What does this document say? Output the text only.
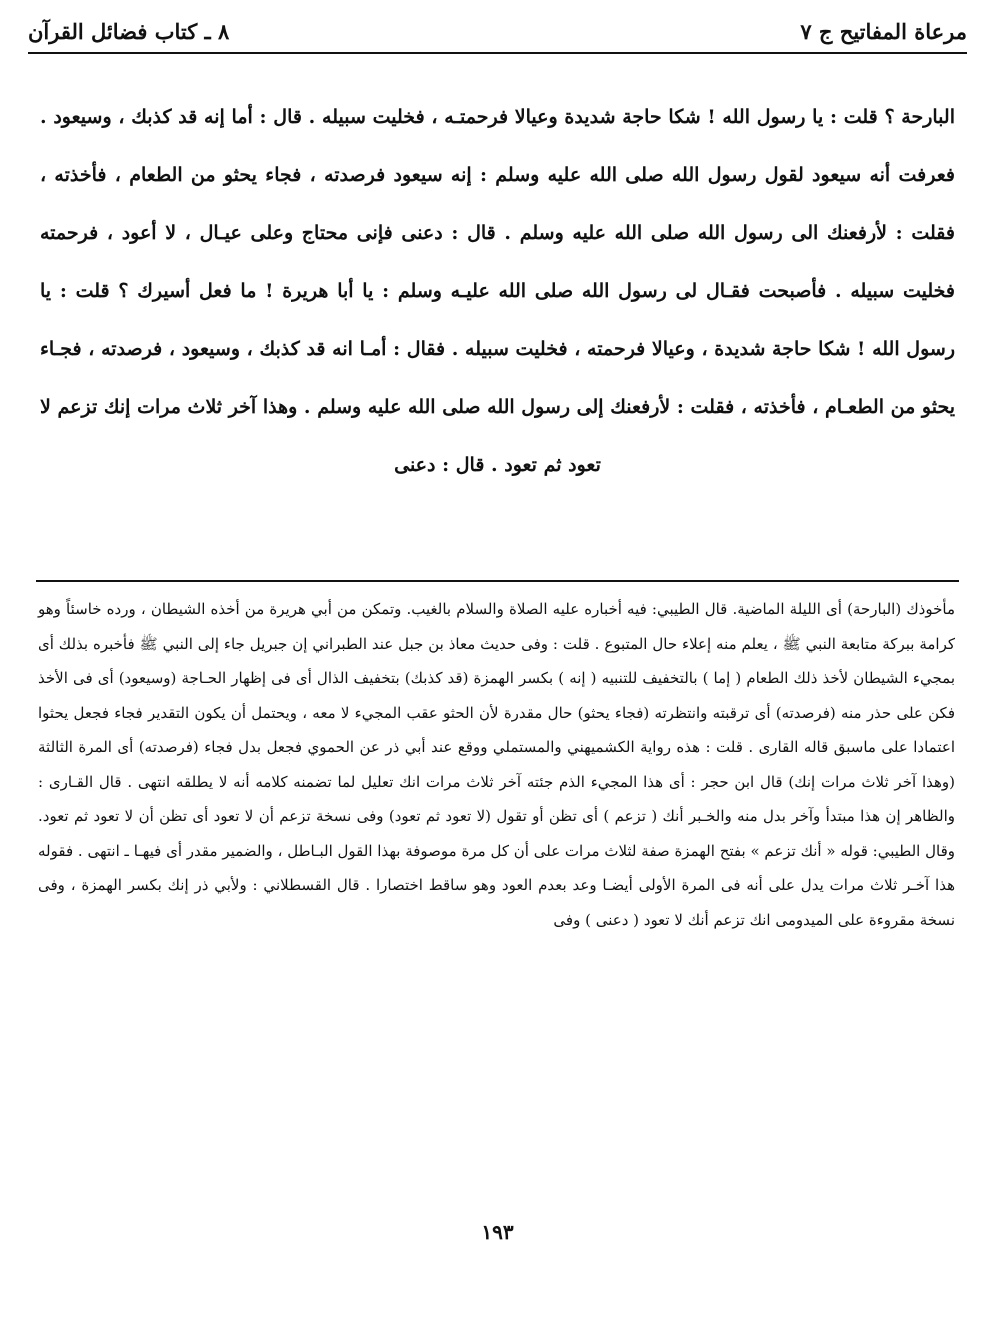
مرعاة المفاتيح ج ٧
٨ ـ كتاب فضائل القرآن
البارحة ؟ قلت : يا رسول الله ! شكا حاجة شديدة وعيالا فرحمتـه ، فخليت سبيله . قال : أما إنه قد كذبك ، وسيعود . فعرفت أنه سيعود لقول رسول الله صلى الله عليه وسلم : إنه سيعود فرصدته ، فجاء يحثو من الطعام ، فأخذته ، فقلت : لأرفعنك الى رسول الله صلى الله عليه وسلم . قال : دعنى فإنى محتاج وعلى عيـال ، لا أعود ، فرحمته فخليت سبيله . فأصبحت فقـال لى رسول الله صلى الله عليـه وسلم : يا أبا هريرة ! ما فعل أسيرك ؟ قلت : يا رسول الله ! شكا حاجة شديدة ، وعيالا فرحمته ، فخليت سبيله . فقال : أمـا انه قد كذبك ، وسيعود ، فرصدته ، فجـاء يحثو من الطعـام ، فأخذته ، فقلت : لأرفعنك إلى رسول الله صلى الله عليه وسلم . وهذا آخر ثلاث مرات إنك تزعم لا تعود ثم تعود . قال : دعنى
مأخوذك (البارحة) أى الليلة الماضية. قال الطيبي: فيه أخباره عليه الصلاة والسلام بالغيب. وتمكن من أبي هريرة من أخذه الشيطان ، ورده خاسئاً وهو كرامة ببركة متابعة النبي ﷺ ، يعلم منه إعلاء حال المتبوع . قلت : وفى حديث معاذ بن جبل عند الطبراني إن جبريل جاء إلى النبي ﷺ فأخبره بذلك أى بمجيء الشيطان لأخذ ذلك الطعام ( إما ) بالتخفيف للتنبيه ( إنه ) بكسر الهمزة (قد كذبك) بتخفيف الذال أى فى إظهار الحـاجة (وسيعود) أى فى الأخذ فكن على حذر منه (فرصدته) أى ترقبته وانتظرته (فجاء يحثو) حال مقدرة لأن الحثو عقب المجيء لا معه ، ويحتمل أن يكون التقدير فجاء فجعل يحثوا اعتمادا على ماسبق قاله القارى . قلت : هذه رواية الكشميهني والمستملي ووقع عند أبي ذر عن الحموي فجعل بدل فجاء (فرصدته) أى المرة الثالثة (وهذا آخر ثلاث مرات إنك) قال ابن حجر : أى هذا المجيء الذم جئته آخر ثلاث مرات انك تعليل لما تضمنه كلامه أنه لا يطلقه انتهى . قال القـارى : والظاهر إن هذا مبتدأ وآخر بدل منه والخـبر أنك ( تزعم ) أى تظن أو تقول (لا تعود ثم تعود) وفى نسخة تزعم أن لا تعود أى تظن أن لا تعود ثم تعود. وقال الطيبي: قوله « أنك تزعم » بفتح الهمزة صفة لثلاث مرات على أن كل مرة موصوفة بهذا القول البـاطل ، والضمير مقدر أى فيهـا ـ انتهى . فقوله هذا آخـر ثلاث مرات يدل على أنه فى المرة الأولى أيضـا وعد بعدم العود وهو ساقط اختصارا . قال القسطلاني : ولأبي ذر إنك بكسر الهمزة ، وفى نسخة مقروءة على الميدومى انك تزعم أنك لا تعود ( دعنى ) وفى
١٩٣
